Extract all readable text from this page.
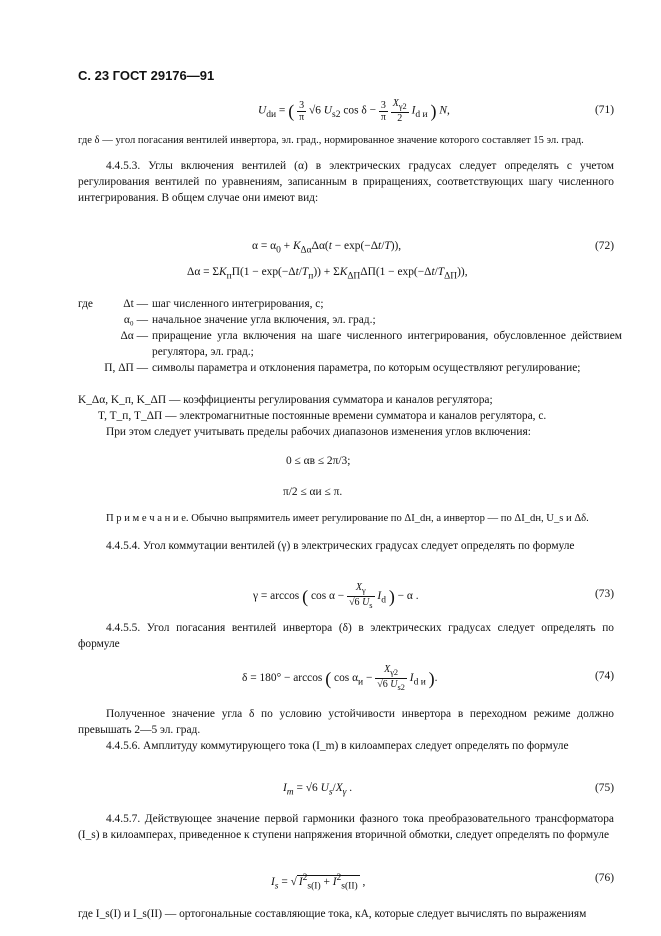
С. 23 ГОСТ 29176—91
$U_{dи}$ = ( $\frac{3}{\pi} √6$ $U_{s2}$ $\cos \delta - \frac{3}{\pi}$
$\frac{X_{\gamma 2}}{2} I_{d и}$ ) N,	(71)
где δ — угол погасания вентилей инвертора, эл. град., нормированное значение которого составляет 15 эл. град.
4.4.5.3. Углы включения вентилей (α) в электрических градусах следует определять с учетом регулирования вентилей по уравнениям, записанным в приращениях, соответствующих шагу численного интегрирования. В общем случае они имеют вид:
$\alpha = \alpha_0 + K_{\Delta\alpha}\Delta\alpha(t - \exp(-\Delta t/T))$,	(72)
$\Delta\alpha = \Sigma K_пП(1 - \exp(-\Delta t/T_п)) + \Sigma K_{\Delta П}\Delta П(1 - \exp(-\Delta t/T_{\Delta П}))$,
где	Δt — шаг численного интегрирования, с;
α₀ — начальное значение угла включения, эл. град.;
Δα — приращение угла включения на шаге численного интегрирования, обусловленное действием регулятора, эл. град.;
П, ΔП — символы параметра и отклонения параметра, по которым осуществляют регулирование;
K_Δα, K_п, K_ΔП — коэффициенты регулирования сумматора и каналов регулятора;
T, T_п, T_ΔП — электромагнитные постоянные времени сумматора и каналов регулятора, с.
При этом следует учитывать пределы рабочих диапазонов изменения углов включения:
0 ≤ αв ≤ 2π/3;
π/2 ≤ αи ≤ π.
П р и м е ч а н и е. Обычно выпрямитель имеет регулирование по ΔI_dн, а инвертор — по ΔI_dн, U_s и Δδ.
4.4.5.4. Угол коммутации вентилей (γ) в электрических градусах следует определять по формуле
γ = arccos ( $\cos \alpha - \frac{X_\gamma}{√6 U_s} I_d$ ) − α .	(73)
4.4.5.5. Угол погасания вентилей инвертора (δ) в электрических градусах следует определять по формуле
δ = 180° − arccos ( $\cos \alpha_и - \frac{X_{\gamma 2}}{√6 U_{s2}} I_{d и}$ ).	(74)
Полученное значение угла δ по условию устойчивости инвертора в переходном режиме должно превышать 2—5 эл. град.
4.4.5.6. Амплитуду коммутирующего тока (I_m) в килоамперах следует определять по формуле
$I_m = √6$ $U_s/X_\gamma$ .	(75)
4.4.5.7. Действующее значение первой гармоники фазного тока преобразовательного трансформатора (I_s) в килоамперах, приведенное к ступени напряжения вторичной обмотки, следует определять по формуле
$I_s$ = √ $I^2_{s(I)} + I^2_{s(II)}$ ,	(76)
где I_s(I) и I_s(II) — ортогональные составляющие тока, кА, которые следует вычислять по выражениям
